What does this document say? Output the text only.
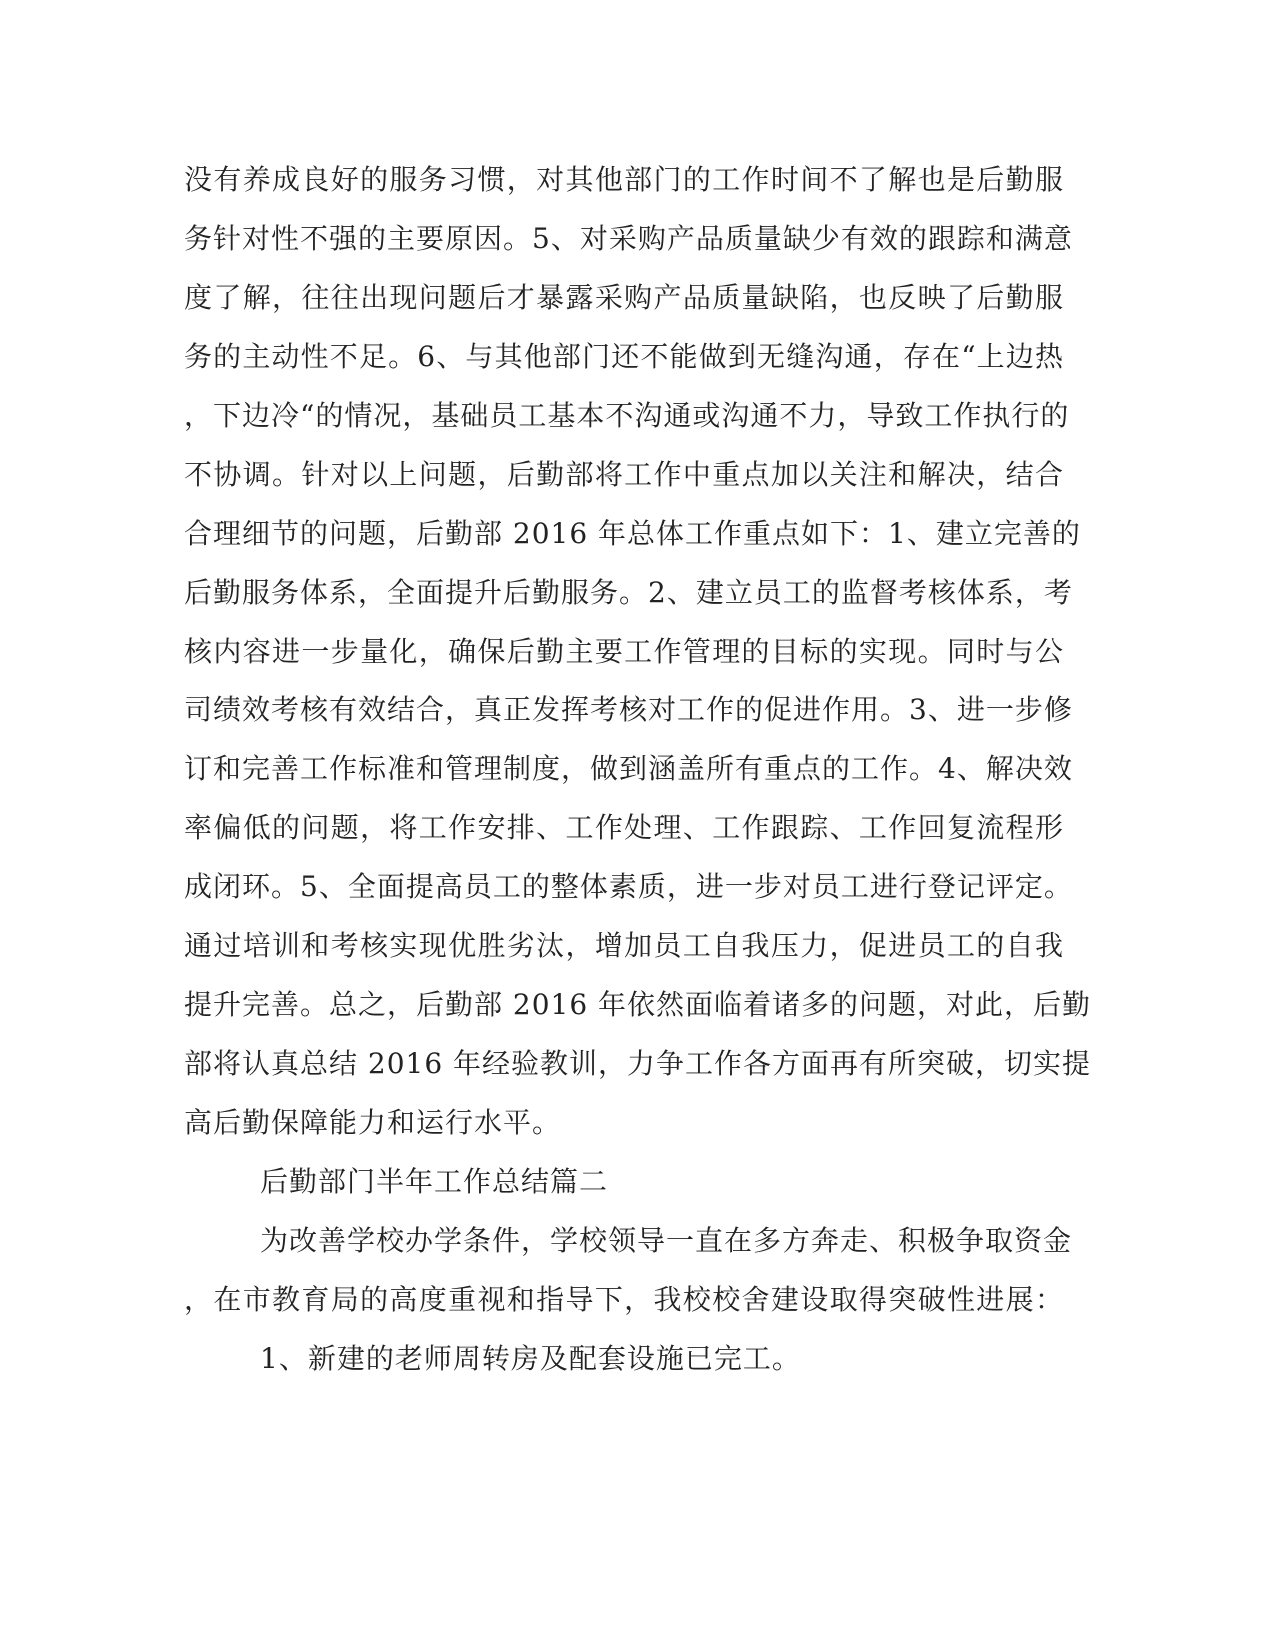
没有养成良好的服务习惯，对其他部门的工作时间不了解也是后勤服

务针对性不强的主要原因。5、对采购产品质量缺少有效的跟踪和满意

度了解，往往出现问题后才暴露采购产品质量缺陷，也反映了后勤服

务的主动性不足。6、与其他部门还不能做到无缝沟通，存在“上边热

，下边冷“的情况，基础员工基本不沟通或沟通不力，导致工作执行的

不协调。针对以上问题，后勤部将工作中重点加以关注和解决，结合

合理细节的问题，后勤部 2016 年总体工作重点如下：1、建立完善的

后勤服务体系，全面提升后勤服务。2、建立员工的监督考核体系，考

核内容进一步量化，确保后勤主要工作管理的目标的实现。同时与公

司绩效考核有效结合，真正发挥考核对工作的促进作用。3、进一步修

订和完善工作标准和管理制度，做到涵盖所有重点的工作。4、解决效

率偏低的问题，将工作安排、工作处理、工作跟踪、工作回复流程形

成闭环。5、全面提高员工的整体素质，进一步对员工进行登记评定。

通过培训和考核实现优胜劣汰，增加员工自我压力，促进员工的自我

提升完善。总之，后勤部 2016 年依然面临着诸多的问题，对此，后勤

部将认真总结 2016 年经验教训，力争工作各方面再有所突破，切实提

高后勤保障能力和运行水平。

后勤部门半年工作总结篇二

为改善学校办学条件，学校领导一直在多方奔走、积极争取资金

，在市教育局的高度重视和指导下，我校校舍建设取得突破性进展：

1、新建的老师周转房及配套设施已完工。
